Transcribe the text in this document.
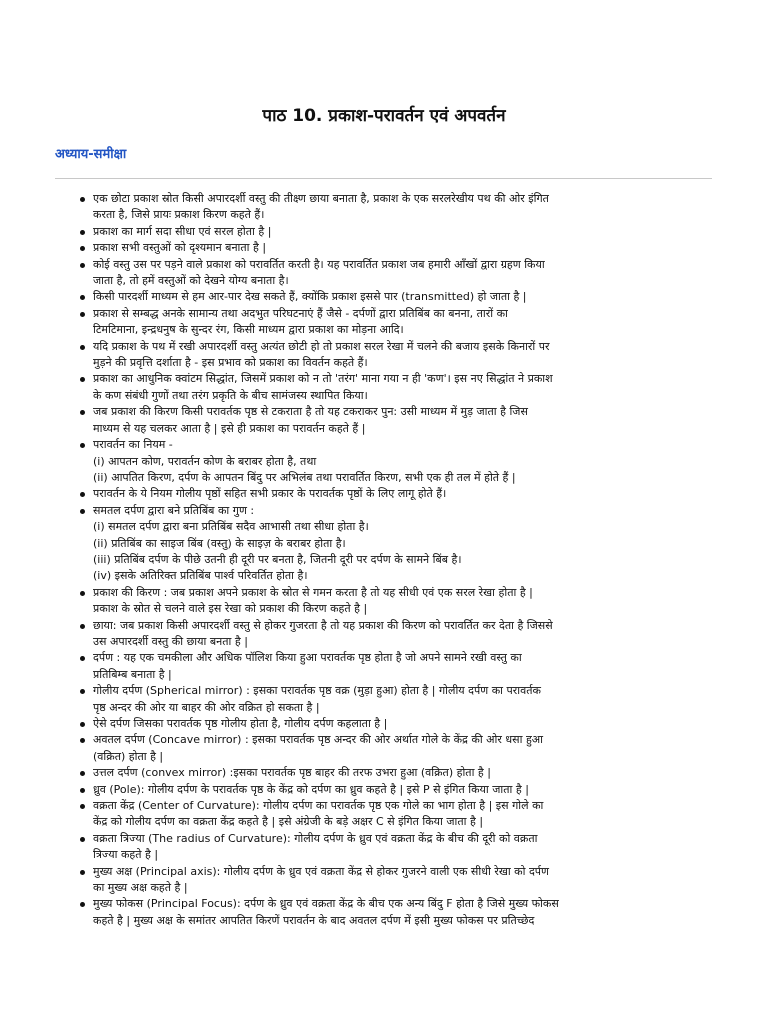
पाठ 10. प्रकाश-परावर्तन एवं अपवर्तन
अध्याय-समीक्षा
एक छोटा प्रकाश स्रोत किसी अपारदर्शी वस्तु की तीक्ष्ण छाया बनाता है, प्रकाश के एक सरलरेखीय पथ की ओर इंगित
करता है, जिसे प्रायः प्रकाश किरण कहते हैं।
प्रकाश का मार्ग सदा सीधा एवं सरल होता है |
प्रकाश सभी वस्तुओं को दृश्यमान बनाता है |
कोई वस्तु उस पर पड़ने वाले प्रकाश को परावर्तित करती है। यह परावर्तित प्रकाश जब हमारी आँखों द्वारा ग्रहण किया
जाता है, तो हमें वस्तुओं को देखने योग्य बनाता है।
किसी पारदर्शी माध्यम से हम आर-पार देख सकते हैं, क्योंकि प्रकाश इससे पार (transmitted) हो जाता है |
प्रकाश से सम्बद्ध अनके सामान्य तथा अदभुत परिघटनाएं हैं जैसे - दर्पणों द्वारा प्रतिबिंब का बनना, तारों का
टिमटिमाना, इन्द्रधनुष के सुन्दर रंग, किसी माध्यम द्वारा प्रकाश का मोड़ना आदि।
यदि प्रकाश के पथ में रखी अपारदर्शी वस्तु अत्यंत छोटी हो तो प्रकाश सरल रेखा में चलने की बजाय इसके किनारों पर
मुड़ने की प्रवृत्ति दर्शाता है - इस प्रभाव को प्रकाश का विवर्तन कहते हैं।
प्रकाश का आधुनिक क्वांटम सिद्धांत, जिसमें प्रकाश को न तो 'तरंग' माना गया न ही 'कण'। इस नए सिद्धांत ने प्रकाश
के कण संबंधी गुणों तथा तरंग प्रकृति के बीच सामंजस्य स्थापित किया।
जब प्रकाश की किरण किसी परावर्तक पृष्ठ से टकराता है तो यह टकराकर पुन: उसी माध्यम में मुड़ जाता है जिस
माध्यम से यह चलकर आता है | इसे ही प्रकाश का परावर्तन कहते हैं |
परावर्तन का नियम -
(i) आपतन कोण, परावर्तन कोण के बराबर होता है, तथा
(ii) आपतित किरण, दर्पण के आपतन बिंदु पर अभिलंब तथा परावर्तित किरण, सभी एक ही तल में होते हैं |
परावर्तन के ये नियम गोलीय पृष्ठों सहित सभी प्रकार के परावर्तक पृष्ठों के लिए लागू होते हैं।
समतल दर्पण द्वारा बने प्रतिबिंब का गुण :
(i) समतल दर्पण द्वारा बना प्रतिबिंब सदैव आभासी तथा सीधा होता है।
(ii) प्रतिबिंब का साइज बिंब (वस्तु) के साइज़ के बराबर होता है।
(iii) प्रतिबिंब दर्पण के पीछे उतनी ही दूरी पर बनता है, जितनी दूरी पर दर्पण के सामने बिंब है।
(iv) इसके अतिरिक्त प्रतिबिंब पार्श्व परिवर्तित होता है।
प्रकाश की किरण : जब प्रकाश अपने प्रकाश के स्रोत से गमन करता है तो यह सीधी एवं एक सरल रेखा होता है |
प्रकाश के स्रोत से चलने वाले इस रेखा को प्रकाश की किरण कहते है |
छाया: जब प्रकाश किसी अपारदर्शी वस्तु से होकर गुजरता है तो यह प्रकाश की किरण को परावर्तित कर देता है जिससे
उस अपारदर्शी वस्तु की छाया बनता है |
दर्पण : यह एक चमकीला और अधिक पॉलिश किया हुआ परावर्तक पृष्ठ होता है जो अपने सामने रखी वस्तु का
प्रतिबिम्ब बनाता है |
गोलीय दर्पण (Spherical mirror) : इसका परावर्तक पृष्ठ वक्र (मुड़ा हुआ) होता है | गोलीय दर्पण का परावर्तक
पृष्ठ अन्दर की ओर या बाहर की ओर वक्रित हो सकता है |
ऐसे दर्पण जिसका परावर्तक पृष्ठ गोलीय होता है, गोलीय दर्पण कहलाता है |
अवतल दर्पण (Concave mirror) : इसका परावर्तक पृष्ठ अन्दर की ओर अर्थात गोले के केंद्र की ओर धसा हुआ
(वक्रित) होता है |
उत्तल दर्पण (convex mirror) :इसका परावर्तक पृष्ठ बाहर की तरफ उभरा हुआ (वक्रित) होता है |
ध्रुव (Pole): गोलीय दर्पण के परावर्तक पृष्ठ के केंद्र को दर्पण का ध्रुव कहते है | इसे P से इंगित किया जाता है |
वक्रता केंद्र (Center of Curvature): गोलीय दर्पण का परावर्तक पृष्ठ एक गोले का भाग होता है | इस गोले का
केंद्र को गोलीय दर्पण का वक्रता केंद्र कहते है | इसे अंग्रेजी के बड़े अक्षर C से इंगित किया जाता है |
वक्रता त्रिज्या (The radius of Curvature): गोलीय दर्पण के ध्रुव एवं वक्रता केंद्र के बीच की दूरी को वक्रता
त्रिज्या कहते है |
मुख्य अक्ष (Principal axis): गोलीय दर्पण के ध्रुव एवं वक्रता केंद्र से होकर गुजरने वाली एक सीधी रेखा को दर्पण
का मुख्य अक्ष कहते है |
मुख्य फोकस (Principal Focus): दर्पण के ध्रुव एवं वक्रता केंद्र के बीच एक अन्य बिंदु F होता है जिसे मुख्य फोकस
कहते है | मुख्य अक्ष के समांतर आपतित किरणें परावर्तन के बाद अवतल दर्पण में इसी मुख्य फोकस पर प्रतिच्छेद
